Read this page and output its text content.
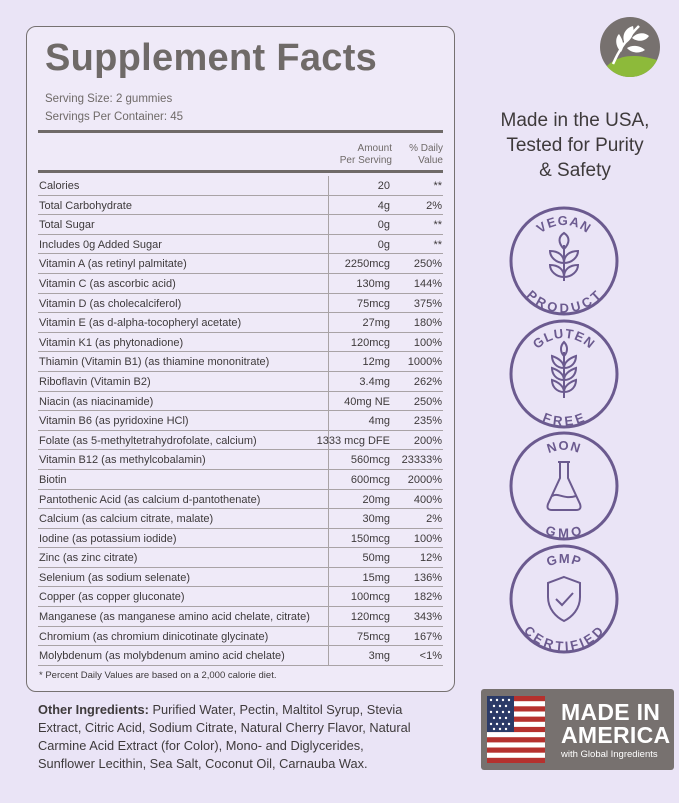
Supplement Facts
Serving Size: 2 gummies
Servings Per Container: 45
Amount
Per Serving
% Daily
Value
Calories	20	**
Total Carbohydrate	4g	2%
Total Sugar	0g	**
Includes 0g Added Sugar	0g	**
Vitamin A (as retinyl palmitate)	2250mcg 250%
Vitamin C (as ascorbic acid)	130mg 144%
Vitamin D (as cholecalciferol)	75mcg 375%
Vitamin E (as d-alpha-tocopheryl acetate)	27mg 180%
Vitamin K1 (as phytonadione)	120mcg 100%
Thiamin (Vitamin B1) (as thiamine mononitrate)	12mg 1000%
Riboflavin (Vitamin B2)	3.4mg 262%
Niacin (as niacinamide)	40mg NE 250%
Vitamin B6 (as pyridoxine HCl)	4mg 235%
Folate (as 5-methyltetrahydrofolate, calcium)	1333 mcg DFE 200%
Vitamin B12 (as methylcobalamin)	560mcg 23333%
Biotin	600mcg 2000%
Pantothenic Acid (as calcium d-pantothenate)	20mg 400%
Calcium (as calcium citrate, malate)	30mg	2%
Iodine (as potassium iodide)	150mcg 100%
Zinc (as zinc citrate)	50mg	12%
Selenium (as sodium selenate)	15mg 136%
Copper (as copper gluconate)	100mcg 182%
Manganese (as manganese amino acid chelate, citrate)	120mcg 343%
Chromium (as chromium dinicotinate glycinate)	75mcg 167%
Molybdenum (as molybdenum amino acid chelate)	3mg	<1%
* Percent Daily Values are based on a 2,000 calorie diet.
Other Ingredients: Purified Water, Pectin, Maltitol Syrup, Stevia Extract, Citric Acid, Sodium Citrate, Natural Cherry Flavor, Natural Carmine Acid Extract (for Color), Mono- and Diglycerides, Sunflower Lecithin, Sea Salt, Coconut Oil, Carnauba Wax.
Made in the USA,
Tested for Purity
& Safety
VEGAN
PRODUCT
GLUTEN
FREE
NON
GMO
GMP
CERTIFIED
MADE IN
AMERICA
with Global Ingredients
